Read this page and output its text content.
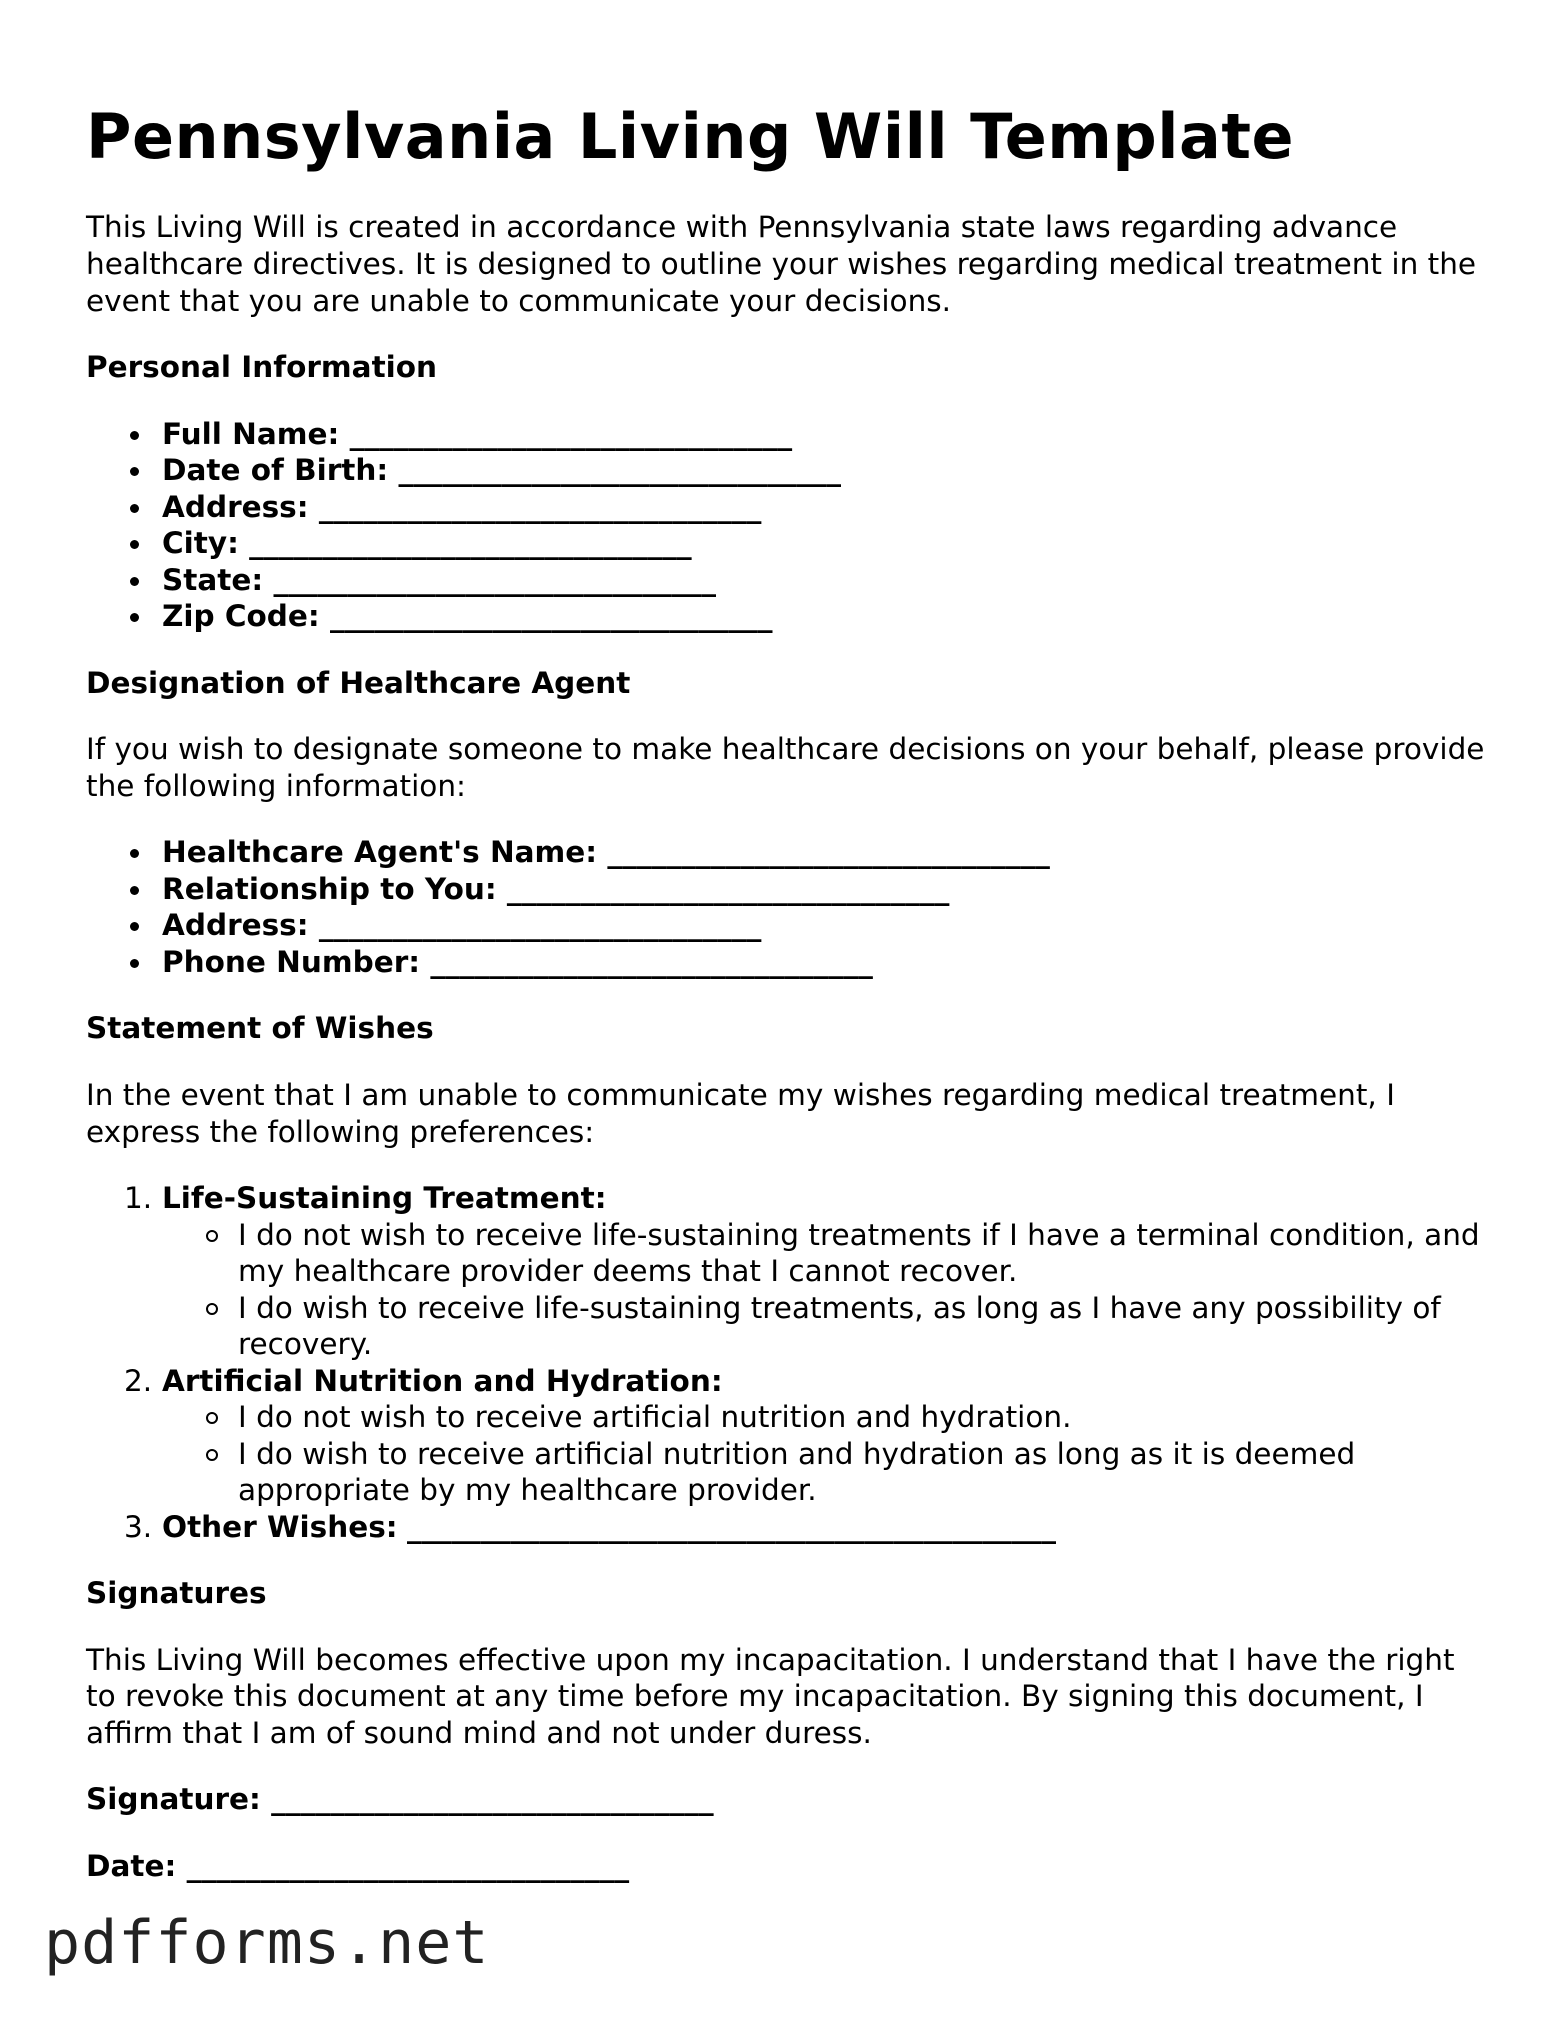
Pennsylvania Living Will Template

This Living Will is created in accordance with Pennsylvania state laws regarding advance healthcare directives. It is designed to outline your wishes regarding medical treatment in the event that you are unable to communicate your decisions.

Personal Information
Full Name: ______________________________
Date of Birth: ______________________________
Address: ______________________________
City: ______________________________
State: ______________________________
Zip Code: ______________________________
Designation of Healthcare Agent

If you wish to designate someone to make healthcare decisions on your behalf, please provide the following information:

Healthcare Agent's Name: ______________________________
Relationship to You: ______________________________
Address: ______________________________
Phone Number: ______________________________
Statement of Wishes

In the event that I am unable to communicate my wishes regarding medical treatment, I express the following preferences:

1. Life-Sustaining Treatment:
I do not wish to receive life-sustaining treatments if I have a terminal condition, and my healthcare provider deems that I cannot recover.
I do wish to receive life-sustaining treatments, as long as I have any possibility of recovery.
2. Artificial Nutrition and Hydration:
I do not wish to receive artificial nutrition and hydration.
I do wish to receive artificial nutrition and hydration as long as it is deemed appropriate by my healthcare provider.
3. Other Wishes: ____________________________________________
Signatures

This Living Will becomes effective upon my incapacitation. I understand that I have the right to revoke this document at any time before my incapacitation. By signing this document, I affirm that I am of sound mind and not under duress.

Signature: ______________________________
Date: ______________________________
pdfforms.net
